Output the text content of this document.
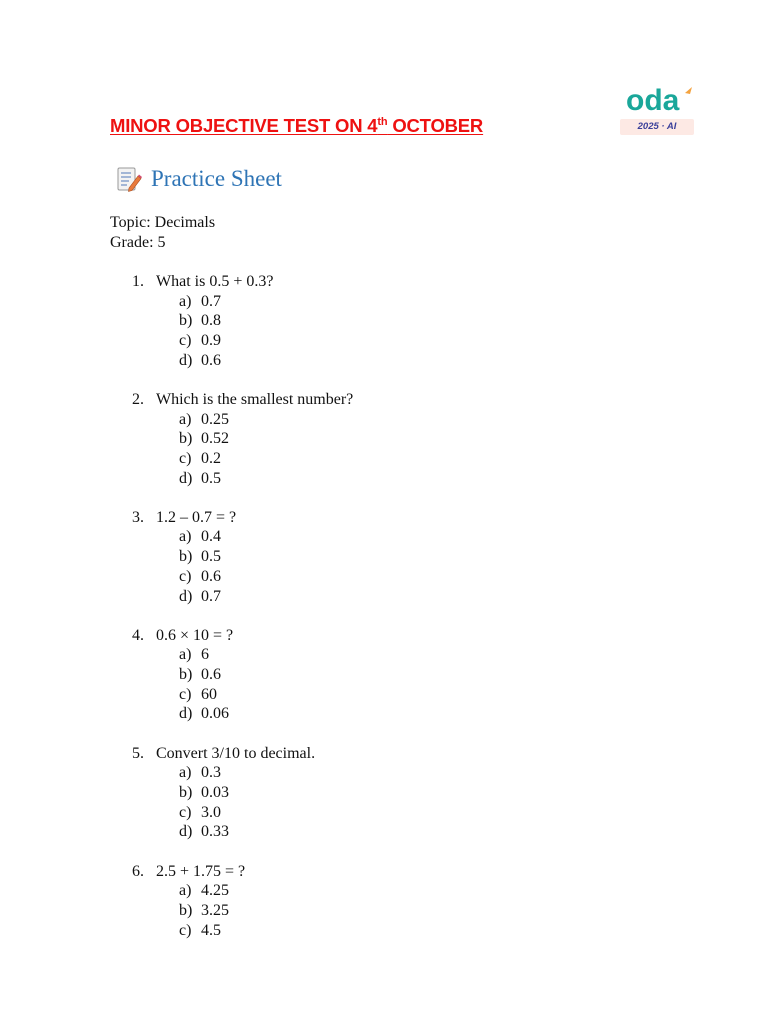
MINOR OBJECTIVE TEST ON 4th OCTOBER
oda
2025 · AI
Practice Sheet
Topic: Decimals
Grade: 5
1. What is 0.5 + 0.3?
a) 0.7
b) 0.8
c) 0.9
d) 0.6
2. Which is the smallest number?
a) 0.25
b) 0.52
c) 0.2
d) 0.5
3. 1.2 – 0.7 = ?
a) 0.4
b) 0.5
c) 0.6
d) 0.7
4. 0.6 × 10 = ?
a) 6
b) 0.6
c) 60
d) 0.06
5. Convert 3/10 to decimal.
a) 0.3
b) 0.03
c) 3.0
d) 0.33
6. 2.5 + 1.75 = ?
a) 4.25
b) 3.25
c) 4.5
